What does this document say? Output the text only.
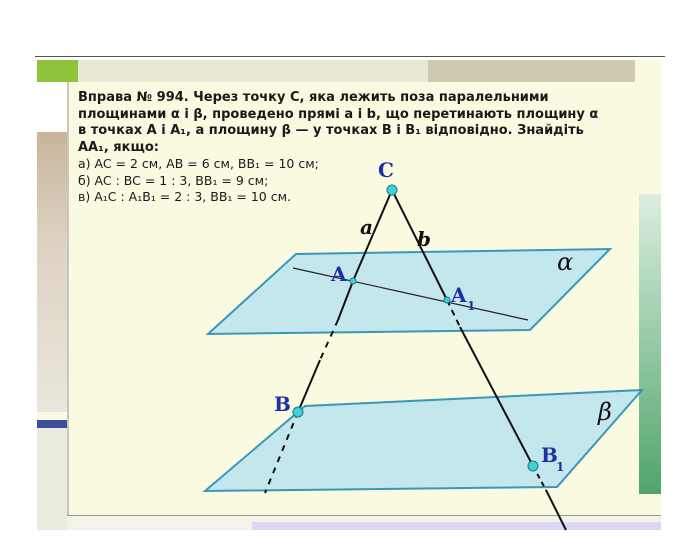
Вправа № 994. Через точку C, яка лежить поза паралельними
площинами α і β, проведено прямі a і b, що перетинають площину α
в точках A і A₁, а площину β — у точках B і B₁ відповідно. Знайдіть
AA₁, якщо:
а) AC = 2 см, AB = 6 см, BB₁ = 10 см;
б) AC : BC = 1 : 3, BB₁ = 9 см;
в) A₁C : A₁B₁ = 2 : 3, BB₁ = 10 см.
C
A
A 1
B
B
1
a b
α
β
